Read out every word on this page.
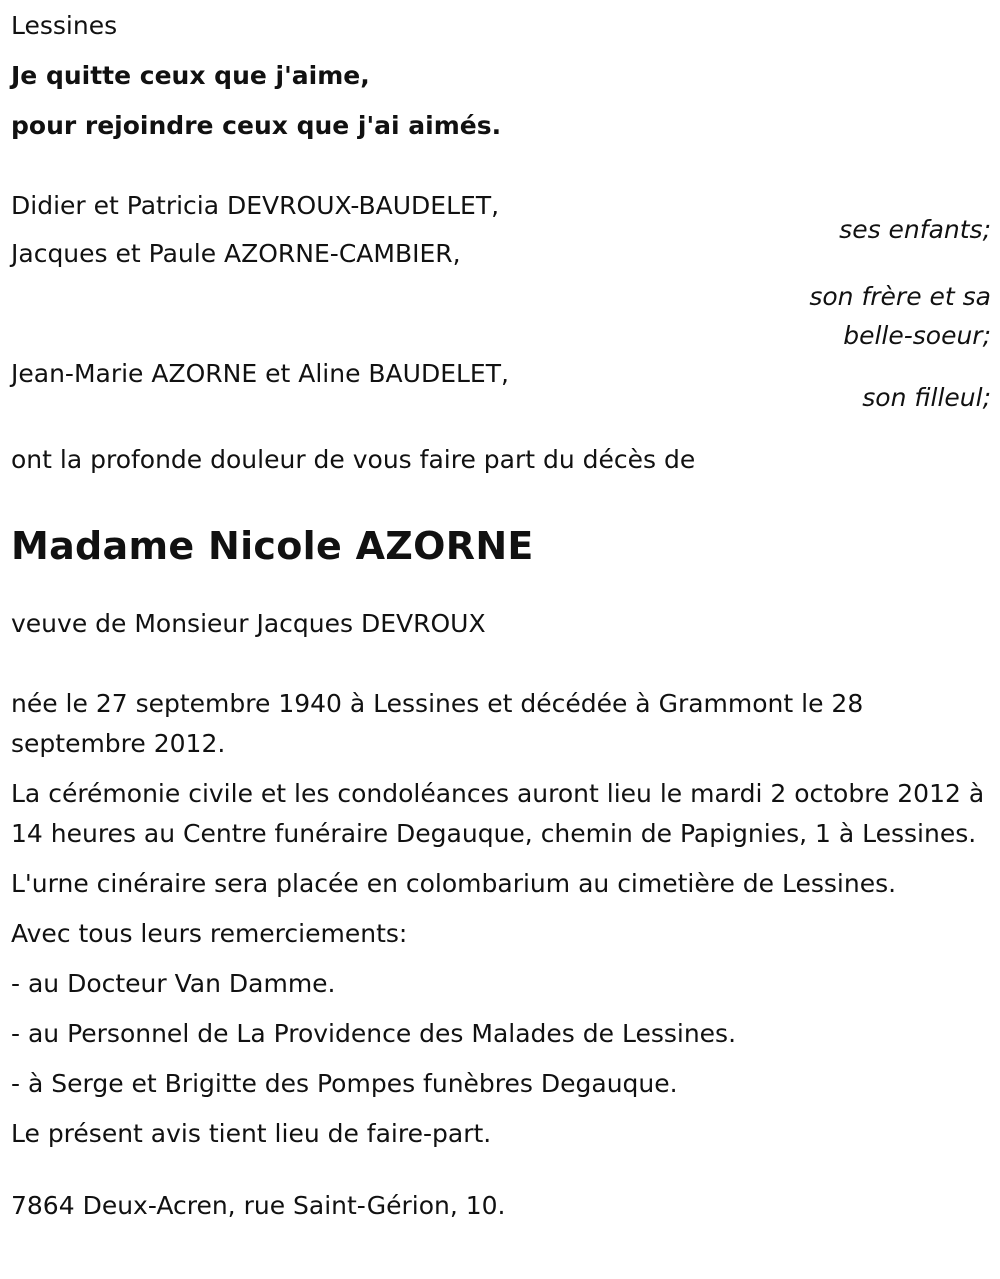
Lessines

Je quitte ceux que j'aime,

pour rejoindre ceux que j'ai aimés.

Didier et Patricia DEVROUX-BAUDELET,

ses enfants;

Jacques et Paule AZORNE-CAMBIER,

son frère et sa

belle-soeur;

Jean-Marie AZORNE et Aline BAUDELET,

son filleul;

ont la profonde douleur de vous faire part du décès de

Madame Nicole AZORNE

veuve de Monsieur Jacques DEVROUX

née le 27 septembre 1940 à Lessines et décédée à Grammont le 28 septembre 2012.

La cérémonie civile et les condoléances auront lieu le mardi 2 octobre 2012 à 14 heures au Centre funéraire Degauque, chemin de Papignies, 1 à Lessines.

L'urne cinéraire sera placée en colombarium au cimetière de Lessines.

Avec tous leurs remerciements:

- au Docteur Van Damme.

- au Personnel de La Providence des Malades de Lessines.

- à Serge et Brigitte des Pompes funèbres Degauque.

Le présent avis tient lieu de faire-part.

7864 Deux-Acren, rue Saint-Gérion, 10.
